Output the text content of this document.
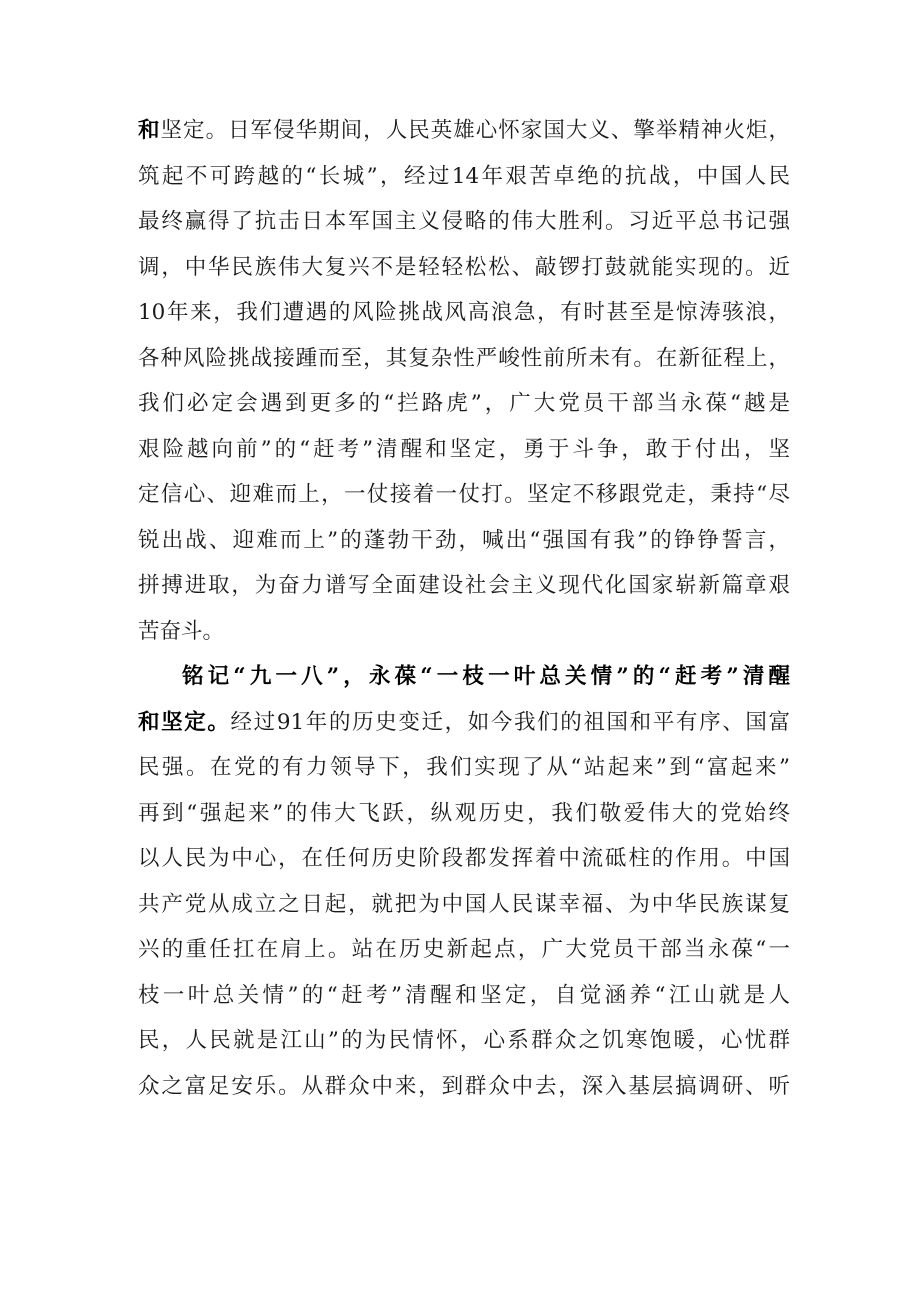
和坚定。日军侵华期间，人民英雄心怀家国大义、擎举精神火炬，
筑起不可跨越的“长城”，经过14年艰苦卓绝的抗战，中国人民
最终赢得了抗击日本军国主义侵略的伟大胜利。习近平总书记强
调，中华民族伟大复兴不是轻轻松松、敲锣打鼓就能实现的。近
10年来，我们遭遇的风险挑战风高浪急，有时甚至是惊涛骇浪，
各种风险挑战接踵而至，其复杂性严峻性前所未有。在新征程上，
我们必定会遇到更多的“拦路虎”，广大党员干部当永葆“越是
艰险越向前”的“赶考”清醒和坚定，勇于斗争，敢于付出，坚
定信心、迎难而上，一仗接着一仗打。坚定不移跟党走，秉持“尽
锐出战、迎难而上”的蓬勃干劲，喊出“强国有我”的铮铮誓言，
拼搏进取，为奋力谱写全面建设社会主义现代化国家崭新篇章艰
苦奋斗。
铭记“九一八”，永葆“一枝一叶总关情”的“赶考”清醒
和坚定。经过91年的历史变迁，如今我们的祖国和平有序、国富
民强。在党的有力领导下，我们实现了从“站起来”到“富起来”
再到“强起来”的伟大飞跃，纵观历史，我们敬爱伟大的党始终
以人民为中心，在任何历史阶段都发挥着中流砥柱的作用。中国
共产党从成立之日起，就把为中国人民谋幸福、为中华民族谋复
兴的重任扛在肩上。站在历史新起点，广大党员干部当永葆“一
枝一叶总关情”的“赶考”清醒和坚定，自觉涵养“江山就是人
民，人民就是江山”的为民情怀，心系群众之饥寒饱暖，心忧群
众之富足安乐。从群众中来，到群众中去，深入基层搞调研、听
